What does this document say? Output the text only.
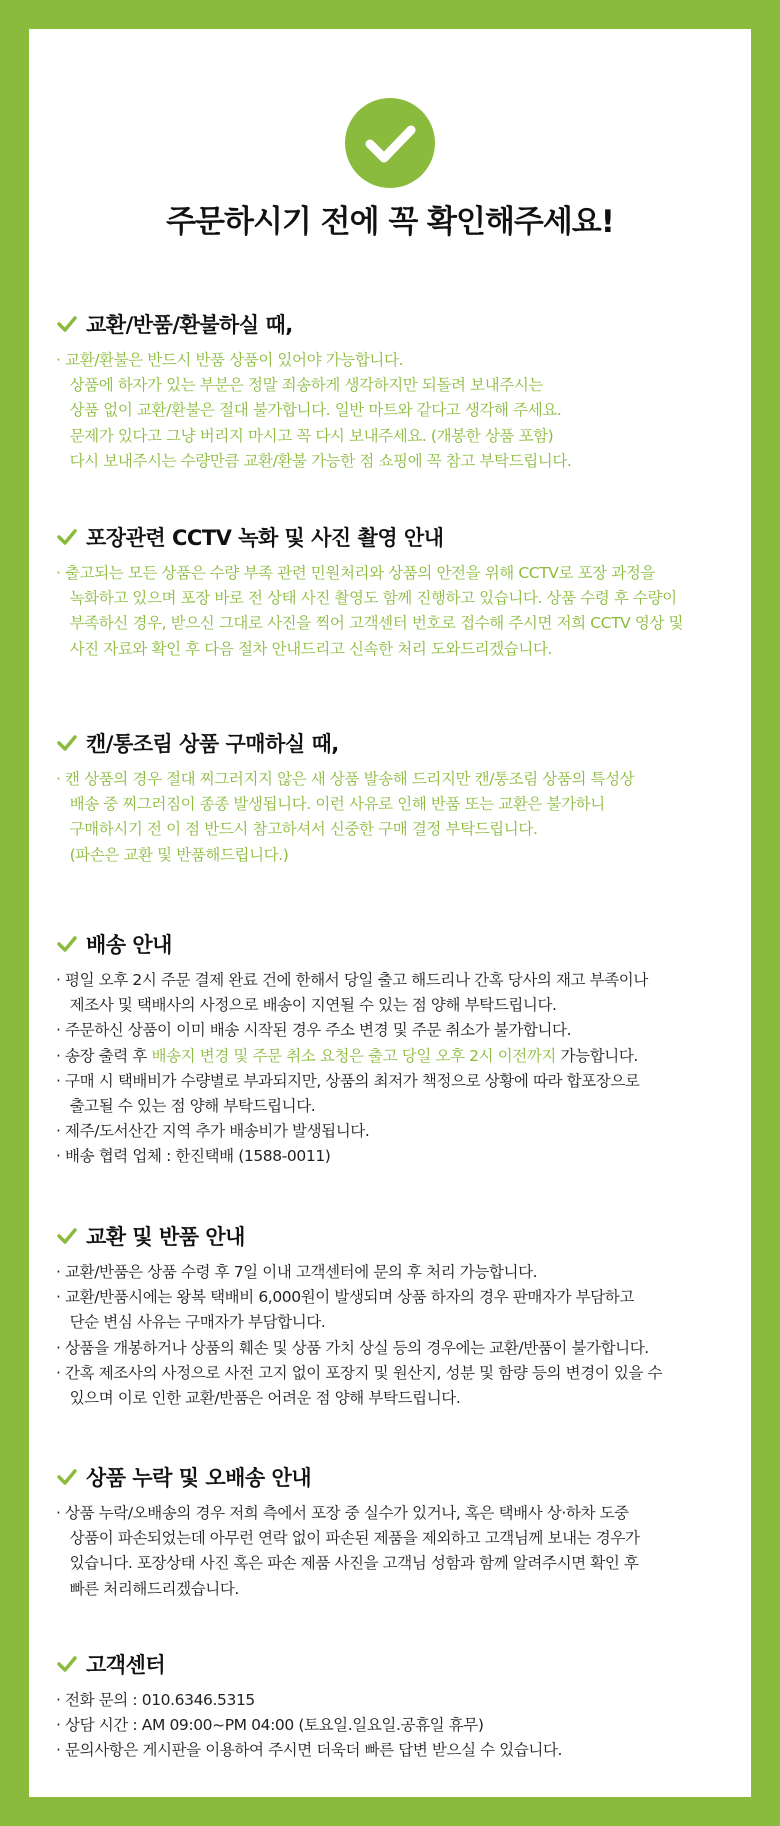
주문하시기 전에 꼭 확인해주세요!
교환/반품/환불하실 때,
· 교환/환불은 반드시 반품 상품이 있어야 가능합니다.
상품에 하자가 있는 부분은 정말 죄송하게 생각하지만 되돌려 보내주시는
상품 없이 교환/환불은 절대 불가합니다. 일반 마트와 같다고 생각해 주세요.
문제가 있다고 그냥 버리지 마시고 꼭 다시 보내주세요. (개봉한 상품 포함)
다시 보내주시는 수량만큼 교환/환불 가능한 점 쇼핑에 꼭 참고 부탁드립니다.
포장관련 CCTV 녹화 및 사진 촬영 안내
· 출고되는 모든 상품은 수량 부족 관련 민원처리와 상품의 안전을 위해 CCTV로 포장 과정을
녹화하고 있으며 포장 바로 전 상태 사진 촬영도 함께 진행하고 있습니다. 상품 수령 후 수량이
부족하신 경우, 받으신 그대로 사진을 찍어 고객센터 번호로 접수해 주시면 저희 CCTV 영상 및
사진 자료와 확인 후 다음 절차 안내드리고 신속한 처리 도와드리겠습니다.
캔/통조림 상품 구매하실 때,
· 캔 상품의 경우 절대 찌그러지지 않은 새 상품 발송해 드리지만 캔/통조림 상품의 특성상
배송 중 찌그러짐이 종종 발생됩니다. 이런 사유로 인해 반품 또는 교환은 불가하니
구매하시기 전 이 점 반드시 참고하셔서 신중한 구매 결정 부탁드립니다.
(파손은 교환 및 반품해드립니다.)
배송 안내
· 평일 오후 2시 주문 결제 완료 건에 한해서 당일 출고 해드리나 간혹 당사의 재고 부족이나
제조사 및 택배사의 사정으로 배송이 지연될 수 있는 점 양해 부탁드립니다.
· 주문하신 상품이 이미 배송 시작된 경우 주소 변경 및 주문 취소가 불가합니다.
· 송장 출력 후 배송지 변경 및 주문 취소 요청은 출고 당일 오후 2시 이전까지 가능합니다.
· 구매 시 택배비가 수량별로 부과되지만, 상품의 최저가 책정으로 상황에 따라 합포장으로
출고될 수 있는 점 양해 부탁드립니다.
· 제주/도서산간 지역 추가 배송비가 발생됩니다.
· 배송 협력 업체 : 한진택배 (1588-0011)
교환 및 반품 안내
· 교환/반품은 상품 수령 후 7일 이내 고객센터에 문의 후 처리 가능합니다.
· 교환/반품시에는 왕복 택배비 6,000원이 발생되며 상품 하자의 경우 판매자가 부담하고
단순 변심 사유는 구매자가 부담합니다.
· 상품을 개봉하거나 상품의 훼손 및 상품 가치 상실 등의 경우에는 교환/반품이 불가합니다.
· 간혹 제조사의 사정으로 사전 고지 없이 포장지 및 원산지, 성분 및 함량 등의 변경이 있을 수
있으며 이로 인한 교환/반품은 어려운 점 양해 부탁드립니다.
상품 누락 및 오배송 안내
· 상품 누락/오배송의 경우 저희 측에서 포장 중 실수가 있거나, 혹은 택배사 상·하차 도중
상품이 파손되었는데 아무런 연락 없이 파손된 제품을 제외하고 고객님께 보내는 경우가
있습니다. 포장상태 사진 혹은 파손 제품 사진을 고객님 성함과 함께 알려주시면 확인 후
빠른 처리해드리겠습니다.
고객센터
· 전화 문의 : 010.6346.5315
· 상담 시간 : AM 09:00~PM 04:00 (토요일.일요일.공휴일 휴무)
· 문의사항은 게시판을 이용하여 주시면 더욱더 빠른 답변 받으실 수 있습니다.
